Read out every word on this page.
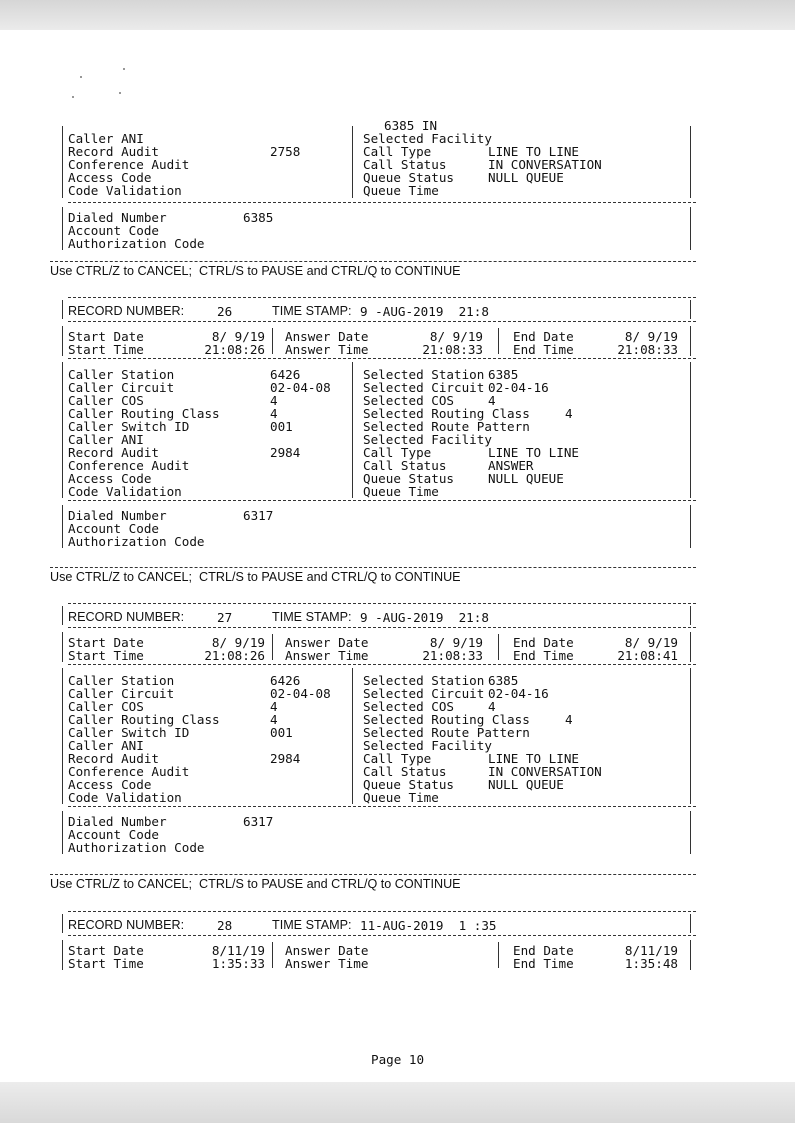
6385 IN
Caller ANI
Record Audit	2758
Conference Audit
Access Code
Code Validation
Selected Facility
Call Type	LINE TO LINE
Call Status	IN CONVERSATION
Queue Status	NULL QUEUE
Queue Time
Dialed Number	6385
Account Code
Authorization Code
Use CTRL/Z to CANCEL;  CTRL/S to PAUSE and CTRL/Q to CONTINUE
RECORD NUMBER:	26	TIME STAMP: 9 -AUG-2019  21:8
Start Date	8/ 9/19
Start Time	21:08:26
Answer Date	8/ 9/19
Answer Time	21:08:33
End Date	8/ 9/19
End Time	21:08:33
Caller Station	6426
Caller Circuit	02-04-08
Caller COS	4
Caller Routing Class	4
Caller Switch ID	001
Caller ANI
Record Audit	2984
Conference Audit
Access Code
Code Validation
Selected Station 6385
Selected Circuit 02-04-16
Selected COS	4
Selected Routing Class	4
Selected Route Pattern
Selected Facility
Call Type	LINE TO LINE
Call Status	ANSWER
Queue Status	NULL QUEUE
Queue Time
Dialed Number	6317
Account Code
Authorization Code
Use CTRL/Z to CANCEL;  CTRL/S to PAUSE and CTRL/Q to CONTINUE
RECORD NUMBER:	27	TIME STAMP: 9 -AUG-2019  21:8
Start Date	8/ 9/19
Start Time	21:08:26
Answer Date	8/ 9/19
Answer Time	21:08:33
End Date	8/ 9/19
End Time	21:08:41
Caller Station	6426
Caller Circuit	02-04-08
Caller COS	4
Caller Routing Class	4
Caller Switch ID	001
Caller ANI
Record Audit	2984
Conference Audit
Access Code
Code Validation
Selected Station 6385
Selected Circuit 02-04-16
Selected COS	4
Selected Routing Class	4
Selected Route Pattern
Selected Facility
Call Type	LINE TO LINE
Call Status	IN CONVERSATION
Queue Status	NULL QUEUE
Queue Time
Dialed Number	6317
Account Code
Authorization Code
Use CTRL/Z to CANCEL;  CTRL/S to PAUSE and CTRL/Q to CONTINUE
RECORD NUMBER:	28	TIME STAMP: 11-AUG-2019  1 :35
Start Date	8/11/19
Start Time	1:35:33
Answer Date
Answer Time
End Date	8/11/19
End Time	1:35:48
Page 10
